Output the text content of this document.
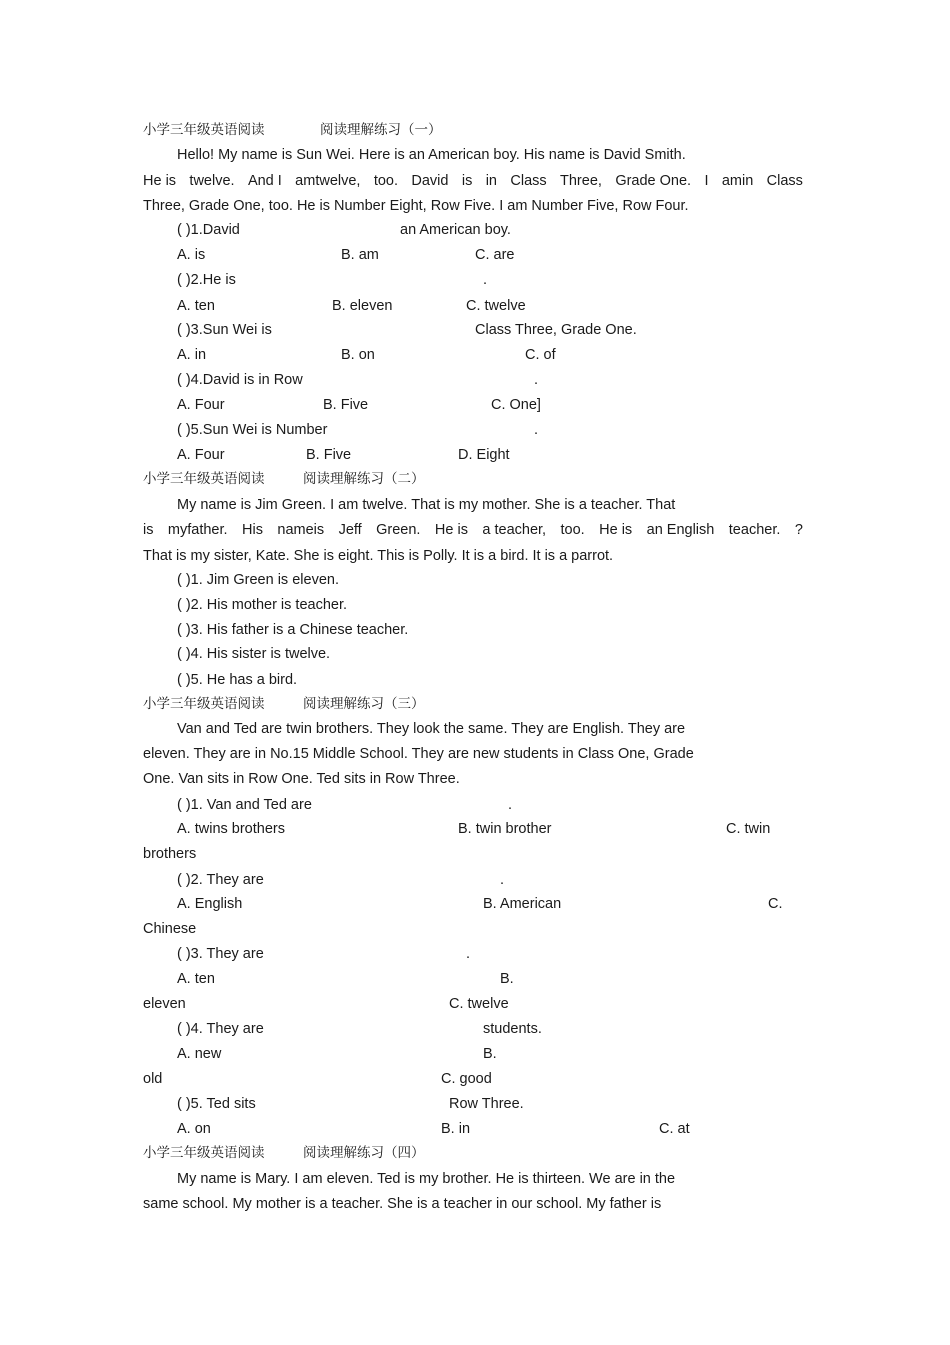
小学三年级英语阅读	阅读理解练习（一）
Hello! My name is Sun Wei. Here is an American boy. His name is David Smith.
He is twelve. And I amtwelve, too. David is in Class Three, Grade One. I amin Class
Three, Grade One, too. He is Number Eight, Row Five. I am Number Five, Row Four.
( )1.David	an American boy.
A. is	B. am	C. are
( )2.He is	.
A. ten	B. eleven	C. twelve
( )3.Sun Wei is	Class Three, Grade One.
A. in	B. on	C. of
( )4.David is in Row	.
A. Four	B. Five	C. One]
( )5.Sun Wei is Number	.
A. Four	B. Five	D. Eight
小学三年级英语阅读	阅读理解练习（二）
My name is Jim Green. I am twelve. That is my mother. She is a teacher. That
is myfather. His nameis Jeff Green. He is a teacher, too. He is an English teacher. ?
That is my sister, Kate. She is eight. This is Polly. It is a bird. It is a parrot.
( )1. Jim Green is eleven.
( )2. His mother is teacher.
( )3. His father is a Chinese teacher.
( )4. His sister is twelve.
( )5. He has a bird.
小学三年级英语阅读	阅读理解练习（三）
Van and Ted are twin brothers. They look the same. They are English. They are
eleven. They are in No.15 Middle School. They are new students in Class One, Grade
One. Van sits in Row One. Ted sits in Row Three.
( )1. Van and Ted are	.
A. twins brothers	B. twin brother	C. twin
brothers
( )2. They are	.
A. English	B. American	C.
Chinese
( )3. They are	.
A. ten	B.
eleven	C. twelve
( )4. They are	students.
A. new	B.
old	C. good
( )5. Ted sits	Row Three.
A. on	B. in	C. at
小学三年级英语阅读	阅读理解练习（四）
My name is Mary. I am eleven. Ted is my brother. He is thirteen. We are in the
same school. My mother is a teacher. She is a teacher in our school. My father is
